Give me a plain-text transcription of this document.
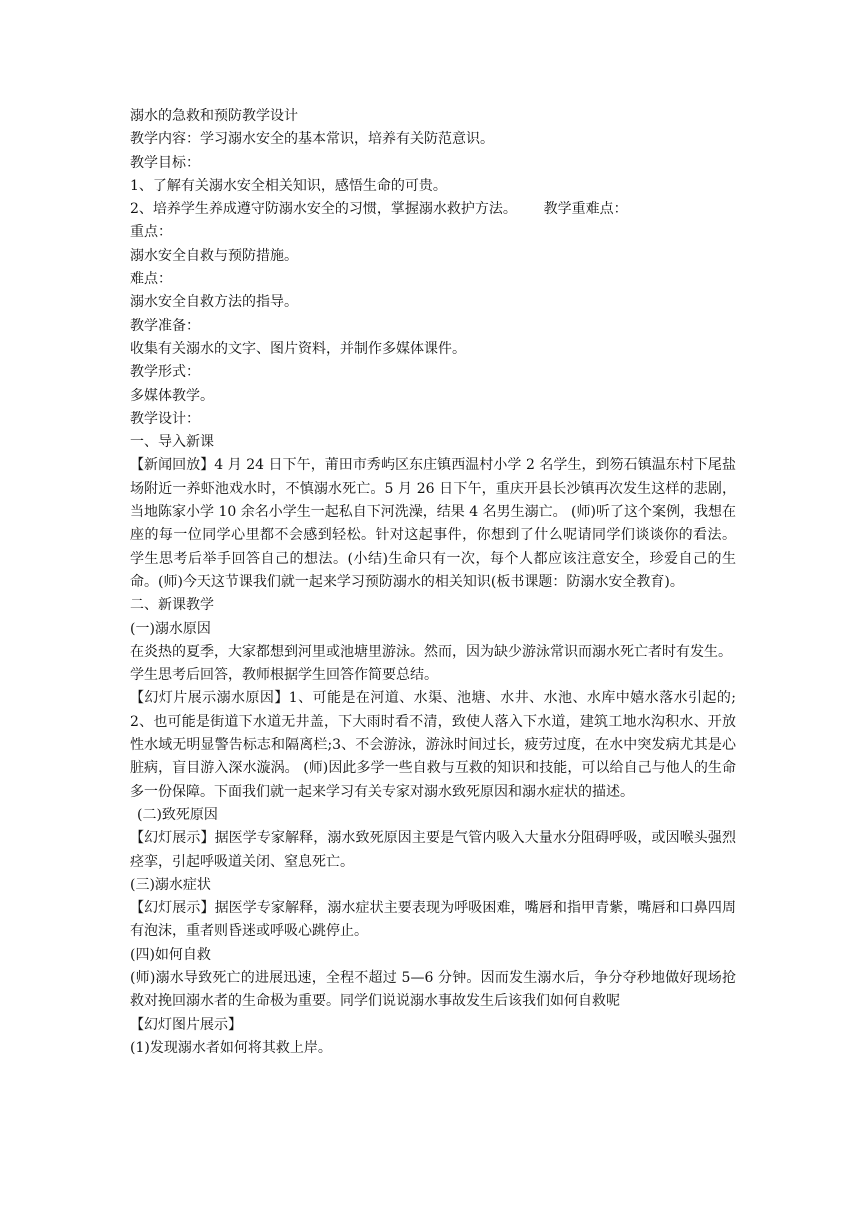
溺水的急救和预防教学设计

教学内容：学习溺水安全的基本常识，培养有关防范意识。

教学目标：

1、了解有关溺水安全相关知识，感悟生命的可贵。

2、培养学生养成遵守防溺水安全的习惯，掌握溺水救护方法。      教学重难点：

重点：

溺水安全自救与预防措施。

难点：

溺水安全自救方法的指导。

教学准备：

收集有关溺水的文字、图片资料，并制作多媒体课件。

教学形式：

多媒体教学。

教学设计：

一、导入新课

【新闻回放】4 月 24 日下午，莆田市秀屿区东庄镇西温村小学 2 名学生，到笏石镇温东村下尾盐场附近一养虾池戏水时，不慎溺水死亡。5 月 26 日下午，重庆开县长沙镇再次发生这样的悲剧，当地陈家小学 10 余名小学生一起私自下河洗澡，结果 4 名男生溺亡。 (师)听了这个案例，我想在座的每一位同学心里都不会感到轻松。针对这起事件，你想到了什么呢请同学们谈谈你的看法。 学生思考后举手回答自己的想法。(小结)生命只有一次，每个人都应该注意安全，珍爱自己的生命。(师)今天这节课我们就一起来学习预防溺水的相关知识(板书课题：防溺水安全教育)。

二、新课教学

(一)溺水原因

在炎热的夏季，大家都想到河里或池塘里游泳。然而，因为缺少游泳常识而溺水死亡者时有发生。

学生思考后回答，教师根据学生回答作简要总结。

【幻灯片展示溺水原因】1、可能是在河道、水渠、池塘、水井、水池、水库中嬉水落水引起的; 2、也可能是街道下水道无井盖，下大雨时看不清，致使人落入下水道，建筑工地水沟积水、开放性水域无明显警告标志和隔离栏;3、不会游泳，游泳时间过长，疲劳过度，在水中突发病尤其是心脏病，盲目游入深水漩涡。 (师)因此多学一些自救与互救的知识和技能，可以给自己与他人的生命多一份保障。下面我们就一起来学习有关专家对溺水致死原因和溺水症状的描述。

(二)致死原因

【幻灯展示】据医学专家解释，溺水致死原因主要是气管内吸入大量水分阻碍呼吸，或因喉头强烈痉挛，引起呼吸道关闭、窒息死亡。

(三)溺水症状

【幻灯展示】据医学专家解释，溺水症状主要表现为呼吸困难，嘴唇和指甲青紫，嘴唇和口鼻四周有泡沫，重者则昏迷或呼吸心跳停止。

(四)如何自救

(师)溺水导致死亡的进展迅速，全程不超过 5—6 分钟。因而发生溺水后，争分夺秒地做好现场抢救对挽回溺水者的生命极为重要。同学们说说溺水事故发生后该我们如何自救呢

【幻灯图片展示】

(1)发现溺水者如何将其救上岸。
